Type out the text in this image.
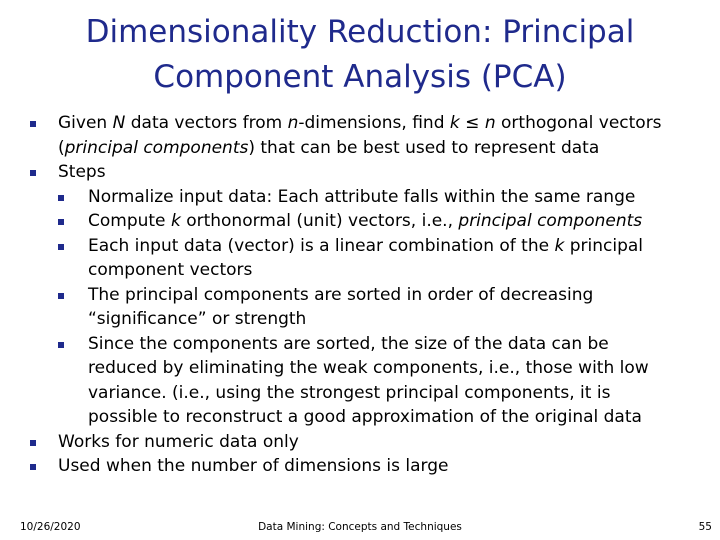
Dimensionality Reduction: Principal
Component Analysis (PCA)
Given N data vectors from n-dimensions, find k ≤ n orthogonal vectors
(principal components) that can be best used to represent data
Steps
Normalize input data: Each attribute falls within the same range
Compute k orthonormal (unit) vectors, i.e., principal components
Each input data (vector) is a linear combination of the k principal
component vectors
The principal components are sorted in order of decreasing
“significance” or strength
Since the components are sorted, the size of the data can be
reduced by eliminating the weak components, i.e., those with low
variance. (i.e., using the strongest principal components, it is
possible to reconstruct a good approximation of the original data
Works for numeric data only
Used when the number of dimensions is large
10/26/2020	Data Mining: Concepts and Techniques	55
